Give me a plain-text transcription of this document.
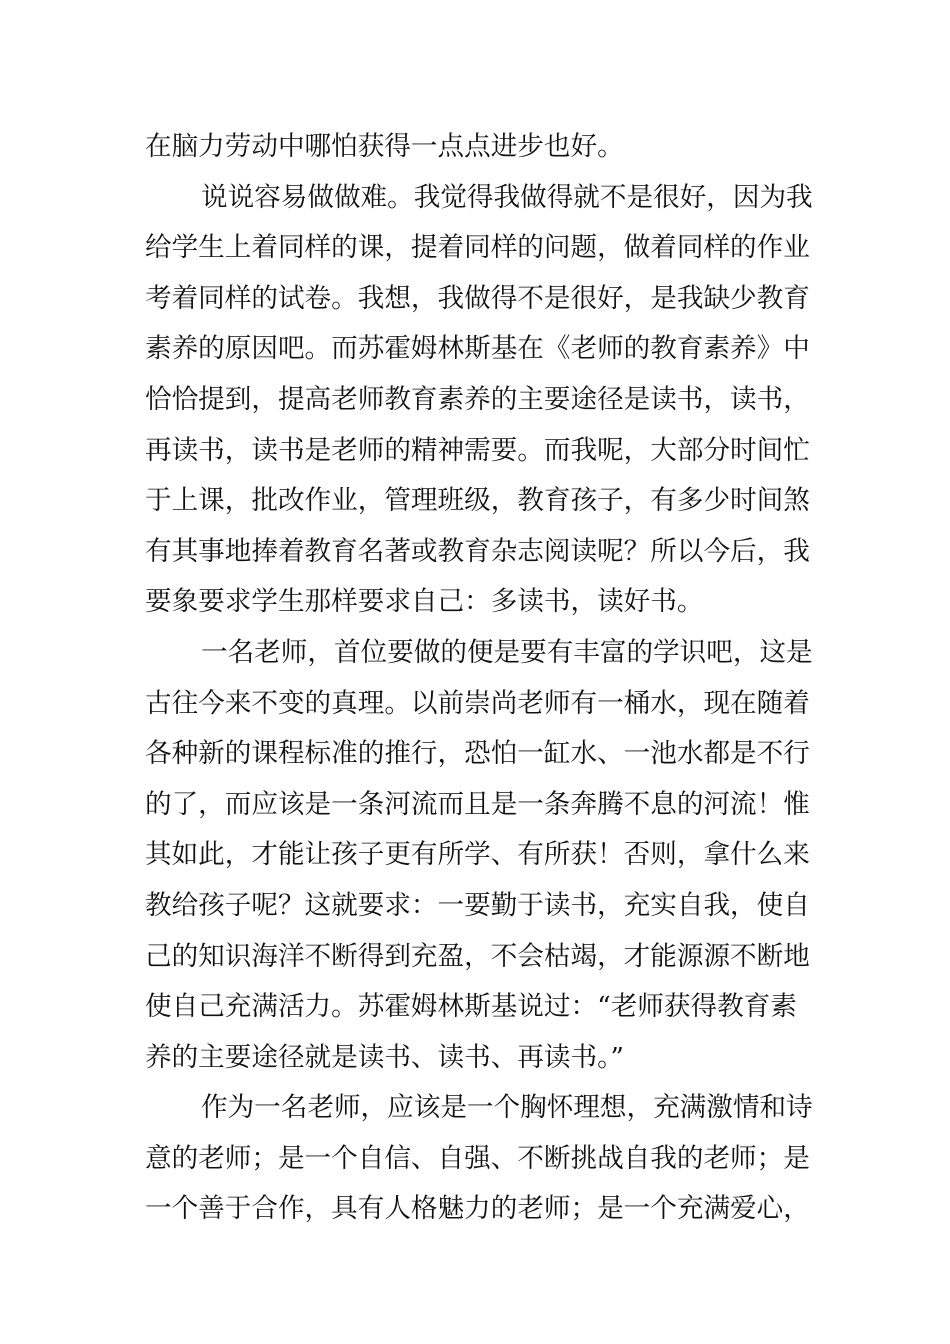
在脑力劳动中哪怕获得一点点进步也好。
说说容易做做难。我觉得我做得就不是很好，因为我
给学生上着同样的课，提着同样的问题，做着同样的作业
考着同样的试卷。我想，我做得不是很好，是我缺少教育
素养的原因吧。而苏霍姆林斯基在《老师的教育素养》中
恰恰提到，提高老师教育素养的主要途径是读书，读书，
再读书，读书是老师的精神需要。而我呢，大部分时间忙
于上课，批改作业，管理班级，教育孩子，有多少时间煞
有其事地捧着教育名著或教育杂志阅读呢？所以今后，我
要象要求学生那样要求自己：多读书，读好书。
一名老师，首位要做的便是要有丰富的学识吧，这是
古往今来不变的真理。以前崇尚老师有一桶水，现在随着
各种新的课程标准的推行，恐怕一缸水、一池水都是不行
的了，而应该是一条河流而且是一条奔腾不息的河流！惟
其如此，才能让孩子更有所学、有所获！否则，拿什么来
教给孩子呢？这就要求：一要勤于读书，充实自我，使自
己的知识海洋不断得到充盈，不会枯竭，才能源源不断地
使自己充满活力。苏霍姆林斯基说过：“老师获得教育素
养的主要途径就是读书、读书、再读书。”
作为一名老师，应该是一个胸怀理想，充满激情和诗
意的老师；是一个自信、自强、不断挑战自我的老师；是
一个善于合作，具有人格魅力的老师；是一个充满爱心，
